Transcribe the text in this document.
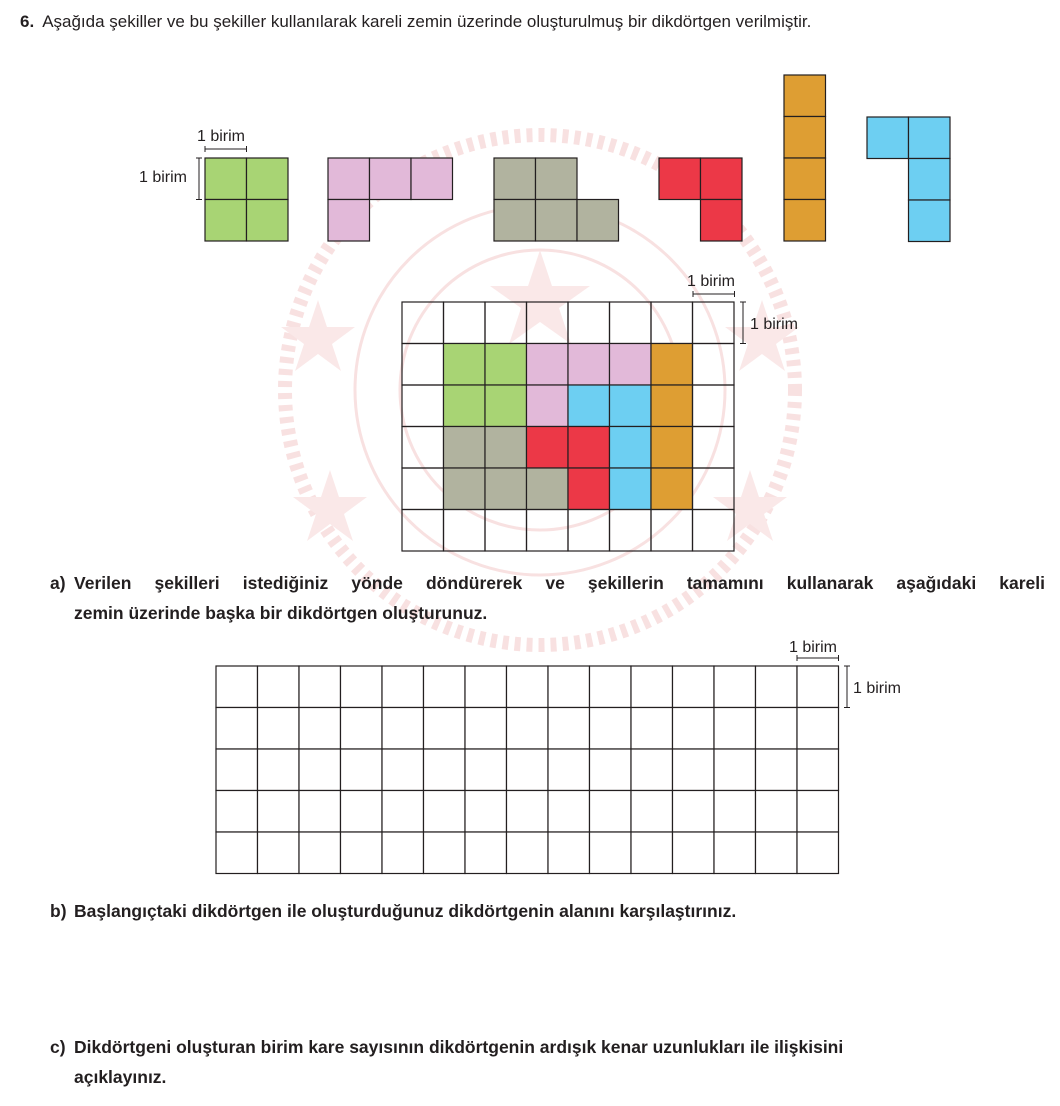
6. Aşağıda şekiller ve bu şekiller kullanılarak kareli zemin üzerinde oluşturulmuş bir dikdörtgen verilmiştir.
1 birim
1 birim
1 birim
1 birim
1 birim
1 birim
a) Verilen şekilleri istediğiniz yönde döndürerek ve şekillerin tamamını kullanarak aşağıdaki kareli
zemin üzerinde başka bir dikdörtgen oluşturunuz.
b) Başlangıçtaki dikdörtgen ile oluşturduğunuz dikdörtgenin alanını karşılaştırınız.
c) Dikdörtgeni oluşturan birim kare sayısının dikdörtgenin ardışık kenar uzunlukları ile ilişkisini
açıklayınız.
